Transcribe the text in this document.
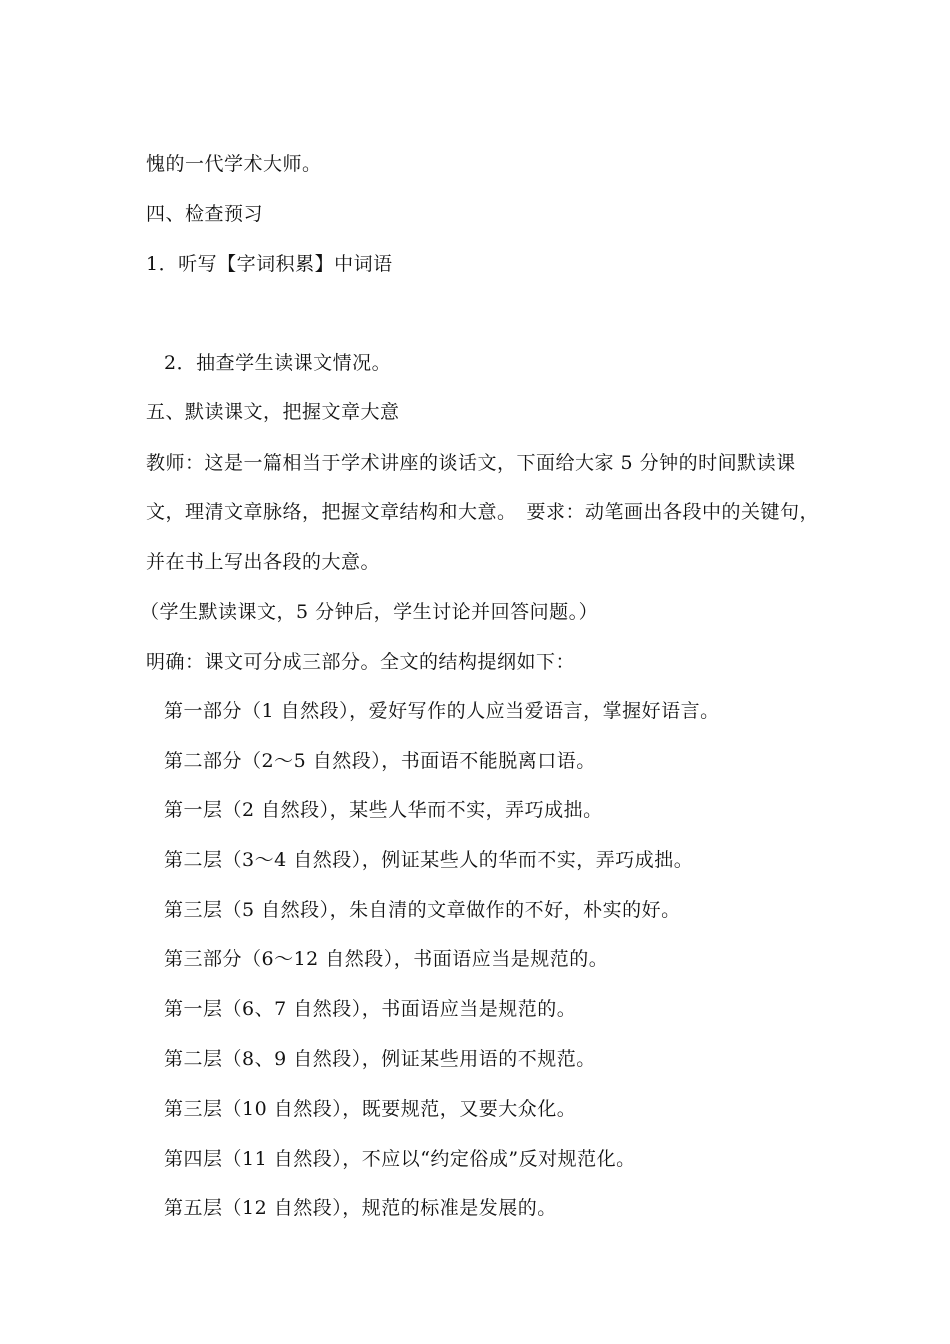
愧的一代学术大师。
四、检查预习
1．听写【字词积累】中词语
2．抽查学生读课文情况。
五、默读课文，把握文章大意
教师：这是一篇相当于学术讲座的谈话文，下面给大家 5 分钟的时间默读课
文，理清文章脉络，把握文章结构和大意。　要求：动笔画出各段中的关键句，
并在书上写出各段的大意。
（学生默读课文，5 分钟后，学生讨论并回答问题。）
明确：课文可分成三部分。全文的结构提纲如下：
第一部分（1 自然段），爱好写作的人应当爱语言，掌握好语言。
第二部分（2～5 自然段），书面语不能脱离口语。
第一层（2 自然段），某些人华而不实，弄巧成拙。
第二层（3～4 自然段），例证某些人的华而不实，弄巧成拙。
第三层（5 自然段），朱自清的文章做作的不好，朴实的好。
第三部分（6～12 自然段），书面语应当是规范的。
第一层（6、7 自然段），书面语应当是规范的。
第二层（8、9 自然段），例证某些用语的不规范。
第三层（10 自然段），既要规范，又要大众化。
第四层（11 自然段），不应以“约定俗成”反对规范化。
第五层（12 自然段），规范的标准是发展的。
